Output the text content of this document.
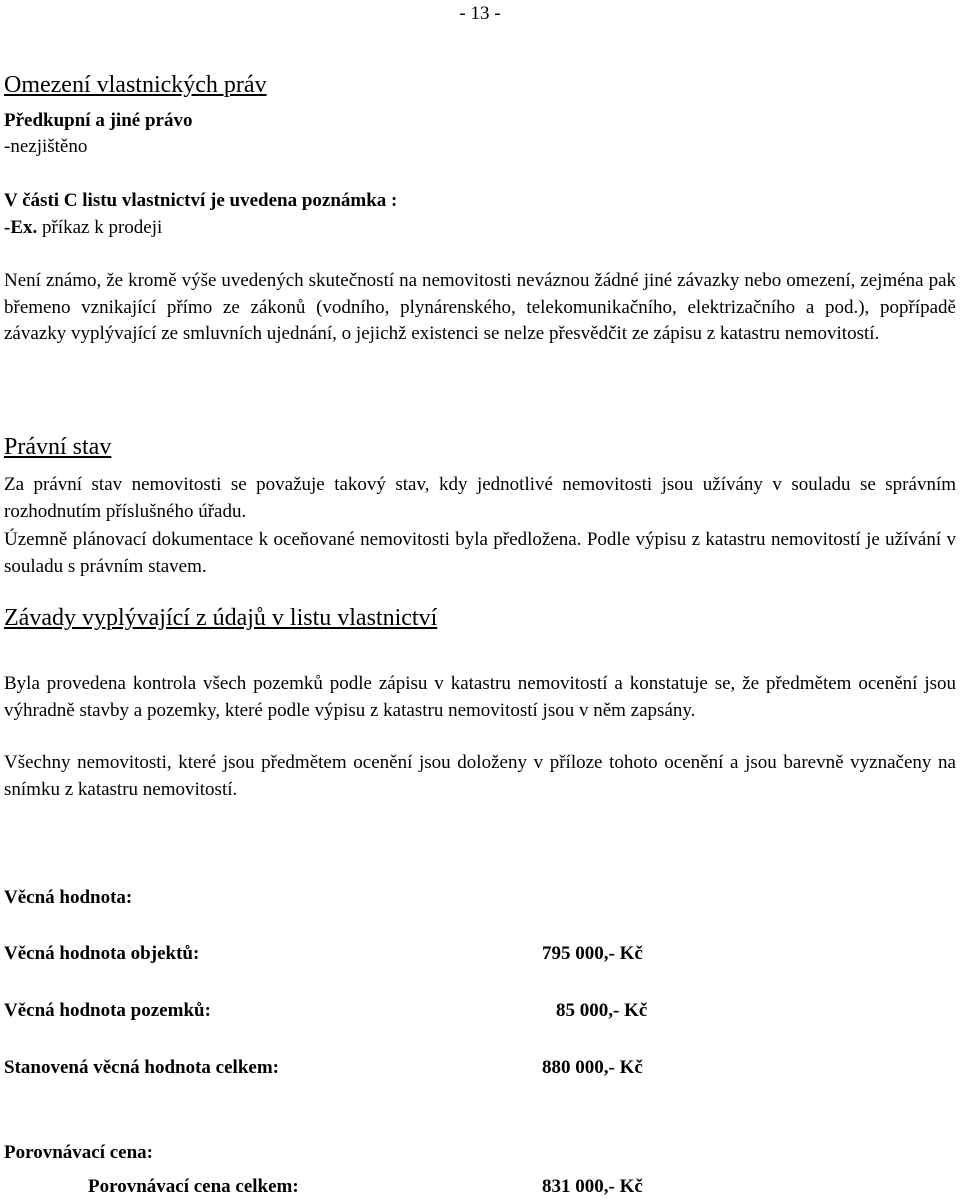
- 13 -
Omezení vlastnických práv
Předkupní a jiné právo
-nezjištěno
V části C listu vlastnictví je uvedena poznámka :
-Ex. příkaz k prodeji
Není známo, že kromě výše uvedených skutečností na nemovitosti neváznou žádné jiné závazky nebo omezení, zejména pak břemeno vznikající přímo ze zákonů (vodního, plynárenského, telekomunikačního, elektrizačního a pod.), popřípadě závazky vyplývající ze smluvních ujednání, o jejichž existenci se nelze přesvědčit ze zápisu z katastru nemovitostí.
Právní stav
Za právní stav nemovitosti se považuje takový stav, kdy jednotlivé nemovitosti jsou užívány v souladu se správním rozhodnutím příslušného úřadu.
Územně plánovací dokumentace k oceňované nemovitosti byla předložena. Podle výpisu z katastru nemovitostí je užívání v souladu s právním stavem.
Závady vyplývající z údajů v listu vlastnictví
Byla provedena kontrola všech pozemků podle zápisu v katastru nemovitostí a konstatuje se, že předmětem ocenění jsou výhradně stavby a pozemky, které podle výpisu z katastru nemovitostí jsou v něm zapsány.
Všechny nemovitosti, které jsou předmětem ocenění jsou doloženy v příloze tohoto ocenění a jsou barevně vyznačeny na snímku z katastru nemovitostí.
Věcná hodnota:
Věcná hodnota objektů:	795 000,- Kč
Věcná hodnota pozemků:	85 000,- Kč
Stanovená věcná hodnota celkem:	880 000,- Kč
Porovnávací cena:
Porovnávací cena celkem:	831 000,- Kč
